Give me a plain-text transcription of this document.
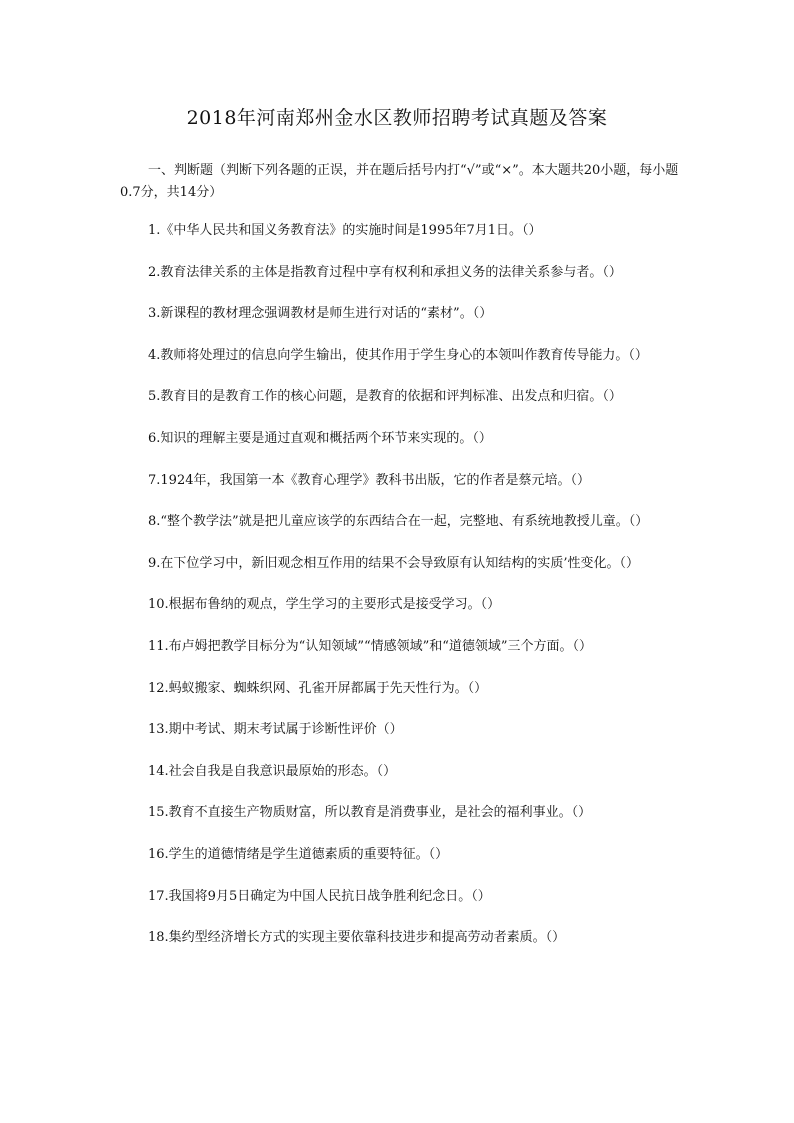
2018年河南郑州金水区教师招聘考试真题及答案

一、判断题（判断下列各题的正误，并在题后括号内打“√”或“×”。本大题共20小题，每小题0.7分，共14分）

1.《中华人民共和国义务教育法》的实施时间是1995年7月1日。（）
2.教育法律关系的主体是指教育过程中享有权利和承担义务的法律关系参与者。（）
3.新课程的教材理念强调教材是师生进行对话的“素材”。（）
4.教师将处理过的信息向学生输出，使其作用于学生身心的本领叫作教育传导能力。（）
5.教育目的是教育工作的核心问题，是教育的依据和评判标准、出发点和归宿。（）
6.知识的理解主要是通过直观和概括两个环节来实现的。（）
7.1924年，我国第一本《教育心理学》教科书出版，它的作者是蔡元培。（）
8.“整个教学法”就是把儿童应该学的东西结合在一起，完整地、有系统地教授儿童。（）
9.在下位学习中，新旧观念相互作用的结果不会导致原有认知结构的实质’性变化。（）
10.根据布鲁纳的观点，学生学习的主要形式是接受学习。（）
11.布卢姆把教学目标分为“认知领域”“情感领域”和“道德领域”三个方面。（）
12.蚂蚁搬家、蜘蛛织网、孔雀开屏都属于先天性行为。（）
13.期中考试、期末考试属于诊断性评价（）
14.社会自我是自我意识最原始的形态。（）
15.教育不直接生产物质财富，所以教育是消费事业，是社会的福利事业。（）
16.学生的道德情绪是学生道德素质的重要特征。（）
17.我国将9月5日确定为中国人民抗日战争胜利纪念日。（）
18.集约型经济增长方式的实现主要依靠科技进步和提高劳动者素质。（）
